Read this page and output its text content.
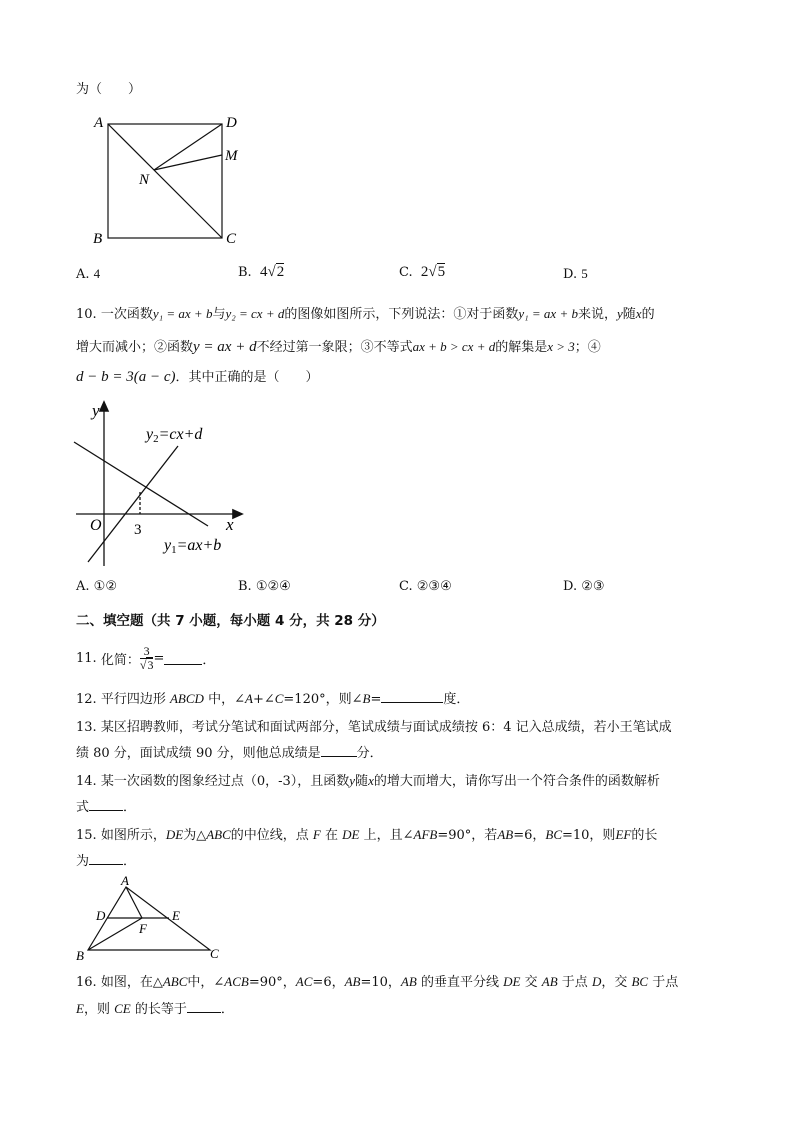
为（　　）
A	D
M
N
B	C
A. 4	B. 4√2	C. 2√5	D. 5
10. 一次函数y₁ = ax + b与y₂ = cx + d的图像如图所示，下列说法：①对于函数y₁ = ax + b来说，y随x的
增大而减小；②函数y = ax + d不经过第一象限；③不等式ax + b > cx + d的解集是x > 3；④
d − b = 3(a − c)．其中正确的是（　　）
y
x
O 3
y2=cx+d
y1=ax+b
A. ①②	B. ①②④	C. ②③④	D. ②③
二、填空题（共 7 小题，每小题 4 分，共 28 分）
11.
化简： $\frac{3}{√3}$ =	．
12. 平行四边形 ABCD 中，∠A+∠C=120°，则∠B=	度．
13. 某区招聘教师，考试分笔试和面试两部分，笔试成绩与面试成绩按 6：4 记入总成绩，若小王笔试成
绩 80 分，面试成绩 90 分，则他总成绩是	分．
14. 某一次函数的图象经过点（0，-3），且函数y随x的增大而增大，请你写出一个符合条件的函数解析
式	．
15. 如图所示，DE为△ABC的中位线，点 F 在 DE 上，且∠AFB=90°，若AB=6，BC=10，则EF的长
为	．
A
D	E
F
B	C
16. 如图，在△ABC中，∠ACB=90°，AC=6，AB=10，AB 的垂直平分线 DE 交 AB 于点 D，交 BC 于点
E，则 CE 的长等于	．
